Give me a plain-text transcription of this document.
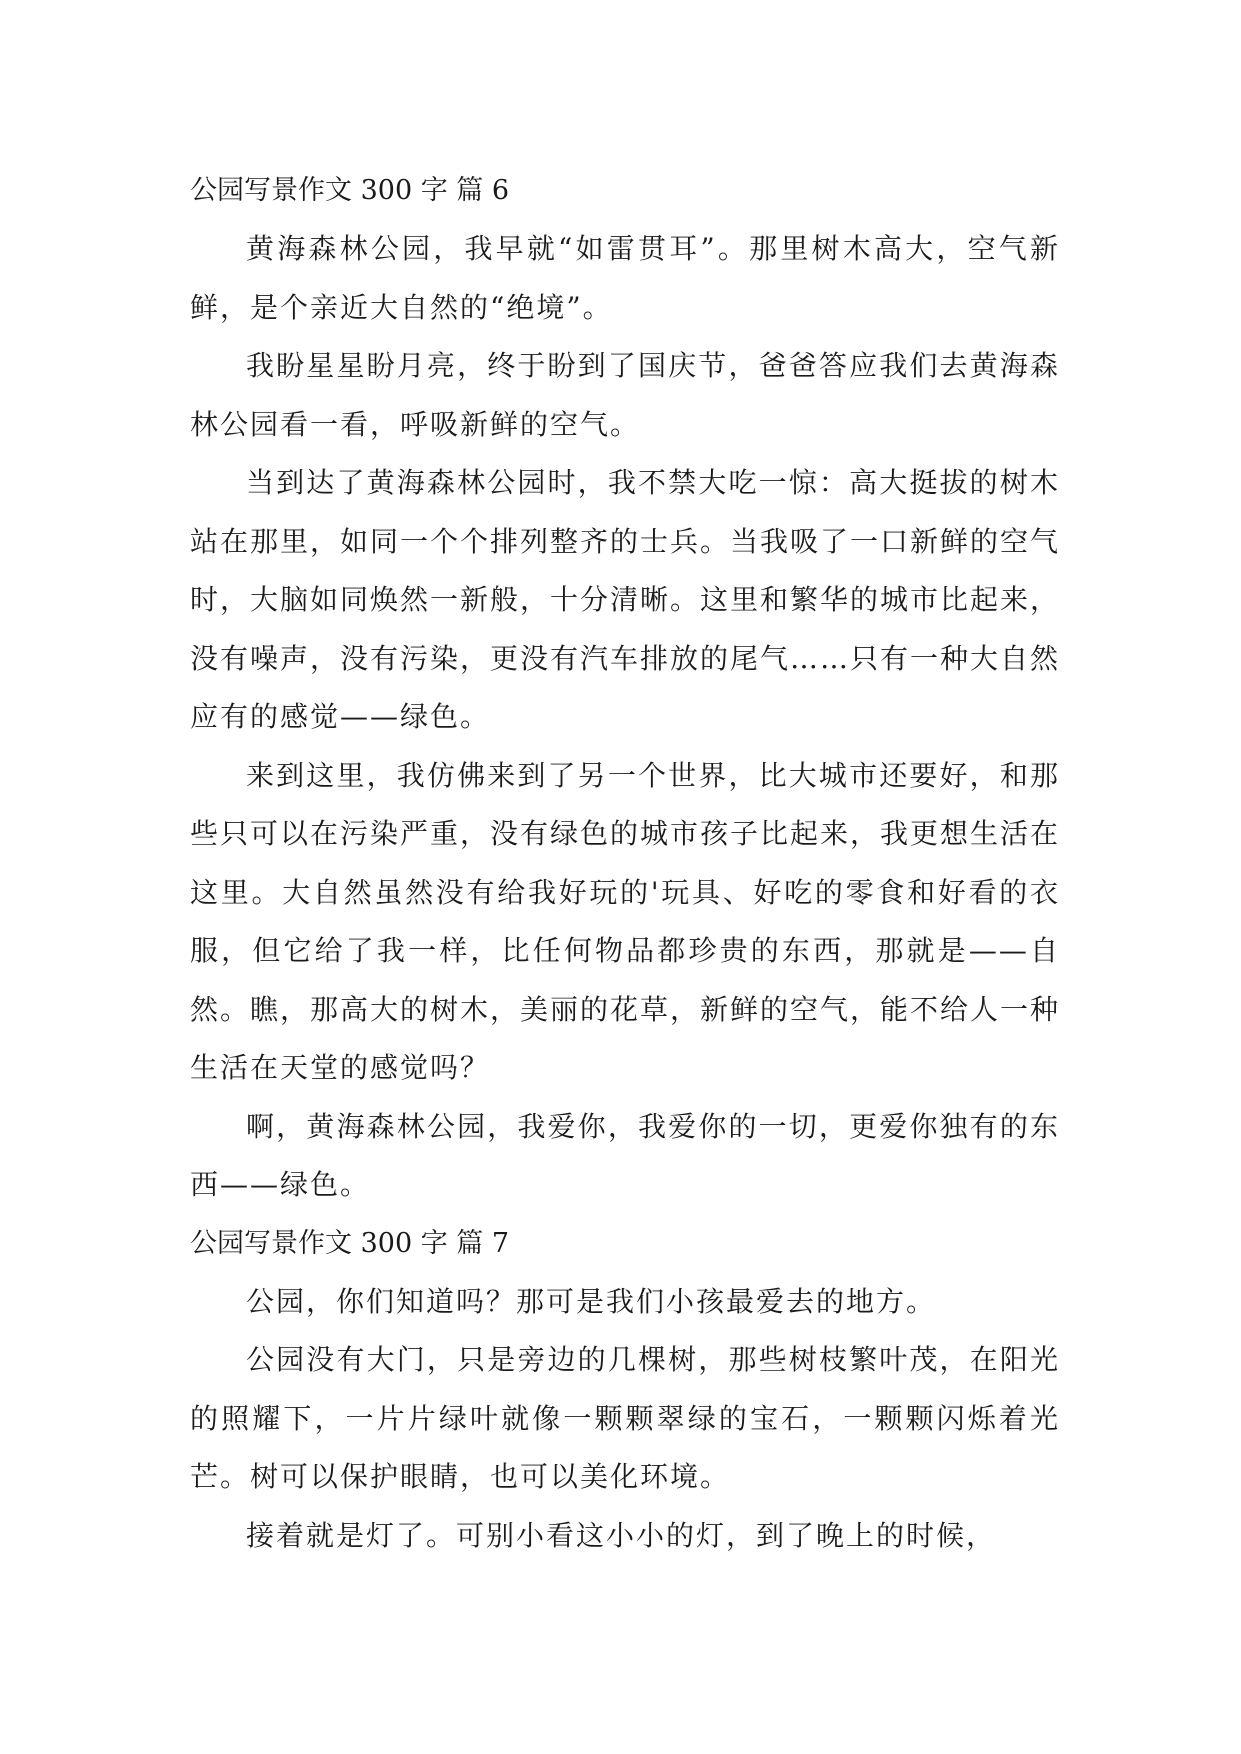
公园写景作文 300 字 篇 6

黄海森林公园，我早就“如雷贯耳”。那里树木高大，空气新鲜，是个亲近大自然的“绝境”。

我盼星星盼月亮，终于盼到了国庆节，爸爸答应我们去黄海森林公园看一看，呼吸新鲜的空气。

当到达了黄海森林公园时，我不禁大吃一惊：高大挺拔的树木站在那里，如同一个个排列整齐的士兵。当我吸了一口新鲜的空气时，大脑如同焕然一新般，十分清晰。这里和繁华的城市比起来，没有噪声，没有污染，更没有汽车排放的尾气……只有一种大自然应有的感觉——绿色。

来到这里，我仿佛来到了另一个世界，比大城市还要好，和那些只可以在污染严重，没有绿色的城市孩子比起来，我更想生活在这里。大自然虽然没有给我好玩的'玩具、好吃的零食和好看的衣服，但它给了我一样，比任何物品都珍贵的东西，那就是——自然。瞧，那高大的树木，美丽的花草，新鲜的空气，能不给人一种生活在天堂的感觉吗？

啊，黄海森林公园，我爱你，我爱你的一切，更爱你独有的东西——绿色。

公园写景作文 300 字 篇 7

公园，你们知道吗？那可是我们小孩最爱去的地方。

公园没有大门，只是旁边的几棵树，那些树枝繁叶茂，在阳光的照耀下，一片片绿叶就像一颗颗翠绿的宝石，一颗颗闪烁着光芒。树可以保护眼睛，也可以美化环境。

接着就是灯了。可别小看这小小的灯，到了晚上的时候，
